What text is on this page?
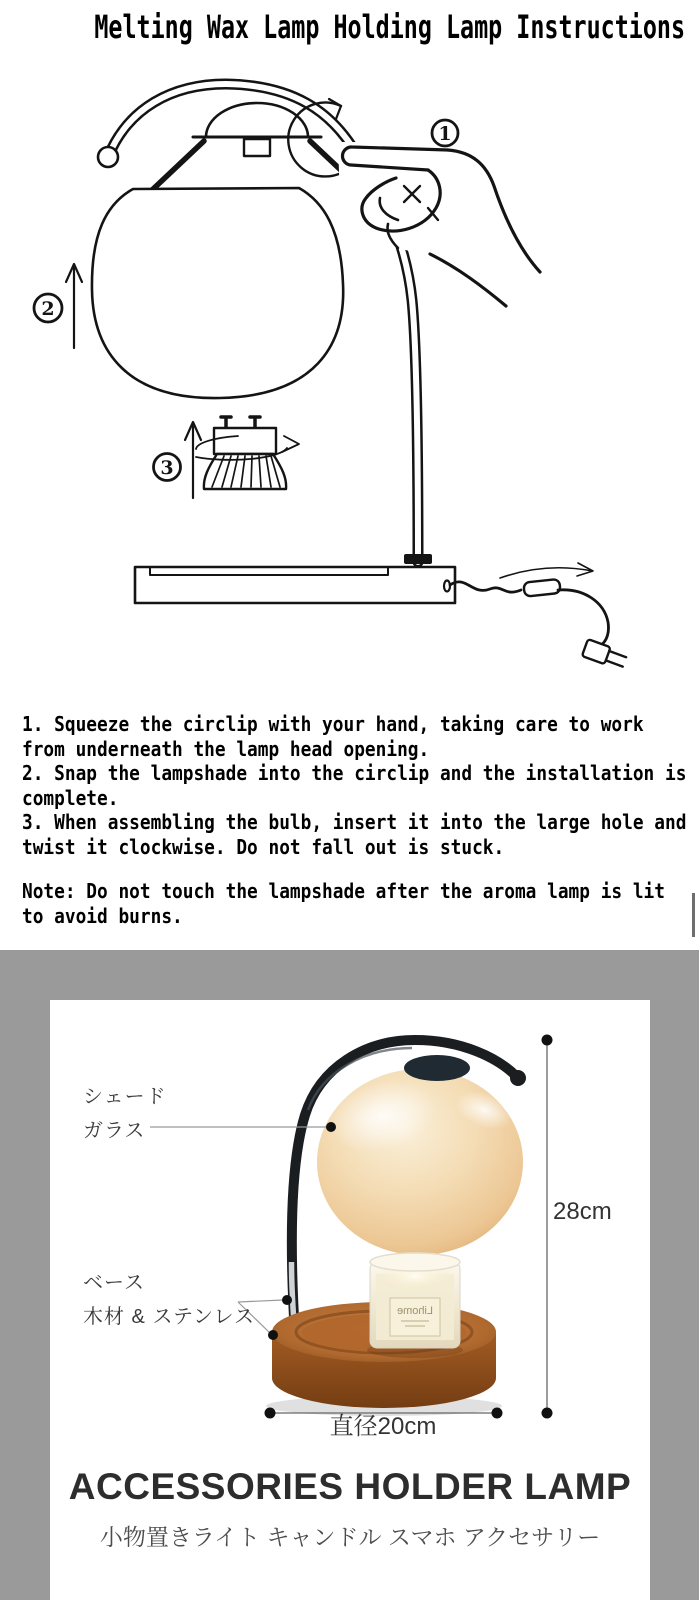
Melting Wax Lamp Holding Lamp Instructions
1
2
3
1. Squeeze the circlip with your hand, taking care to work
from underneath the lamp head opening.
2. Snap the lampshade into the circlip and the installation is
complete.
3. When assembling the bulb, insert it into the large hole and
twist it clockwise. Do not fall out is stuck.
Note: Do not touch the lampshade after the aroma lamp is lit
to avoid burns.
Lihome
シェード
ガラス
ベース
木材 & ステンレス
28cm
直径20cm
ACCESSORIES HOLDER LAMP
小物置きライト キャンドル スマホ アクセサリー
